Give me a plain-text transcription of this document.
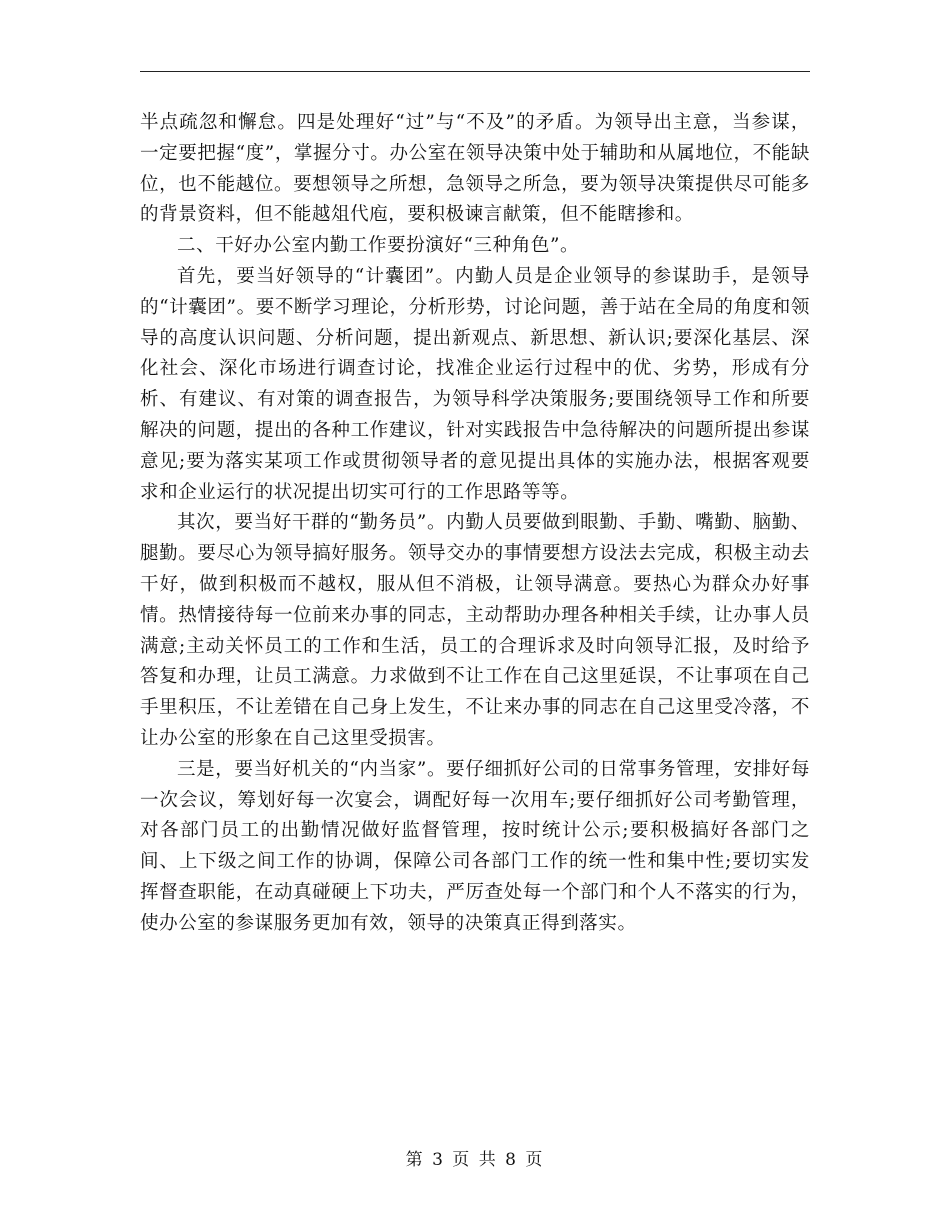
半点疏忽和懈怠。四是处理好“过”与“不及”的矛盾。为领导出主意，当参谋，一定要把握“度”，掌握分寸。办公室在领导决策中处于辅助和从属地位，不能缺位，也不能越位。要想领导之所想，急领导之所急，要为领导决策提供尽可能多的背景资料，但不能越俎代庖，要积极谏言献策，但不能瞎掺和。

二、干好办公室内勤工作要扮演好“三种角色”。

首先，要当好领导的“计囊团”。内勤人员是企业领导的参谋助手，是领导的“计囊团”。要不断学习理论，分析形势，讨论问题，善于站在全局的角度和领导的高度认识问题、分析问题，提出新观点、新思想、新认识;要深化基层、深化社会、深化市场进行调查讨论，找准企业运行过程中的优、劣势，形成有分析、有建议、有对策的调查报告，为领导科学决策服务;要围绕领导工作和所要解决的问题，提出的各种工作建议，针对实践报告中急待解决的问题所提出参谋意见;要为落实某项工作或贯彻领导者的意见提出具体的实施办法，根据客观要求和企业运行的状况提出切实可行的工作思路等等。

其次，要当好干群的“勤务员”。内勤人员要做到眼勤、手勤、嘴勤、脑勤、腿勤。要尽心为领导搞好服务。领导交办的事情要想方设法去完成，积极主动去干好，做到积极而不越权，服从但不消极，让领导满意。要热心为群众办好事情。热情接待每一位前来办事的同志，主动帮助办理各种相关手续，让办事人员满意;主动关怀员工的工作和生活，员工的合理诉求及时向领导汇报，及时给予答复和办理，让员工满意。力求做到不让工作在自己这里延误，不让事项在自己手里积压，不让差错在自己身上发生，不让来办事的同志在自己这里受冷落，不让办公室的形象在自己这里受损害。

三是，要当好机关的“内当家”。要仔细抓好公司的日常事务管理，安排好每一次会议，筹划好每一次宴会，调配好每一次用车;要仔细抓好公司考勤管理，对各部门员工的出勤情况做好监督管理，按时统计公示;要积极搞好各部门之间、上下级之间工作的协调，保障公司各部门工作的统一性和集中性;要切实发挥督查职能，在动真碰硬上下功夫，严厉查处每一个部门和个人不落实的行为，使办公室的参谋服务更加有效，领导的决策真正得到落实。

第 3 页 共 8 页
